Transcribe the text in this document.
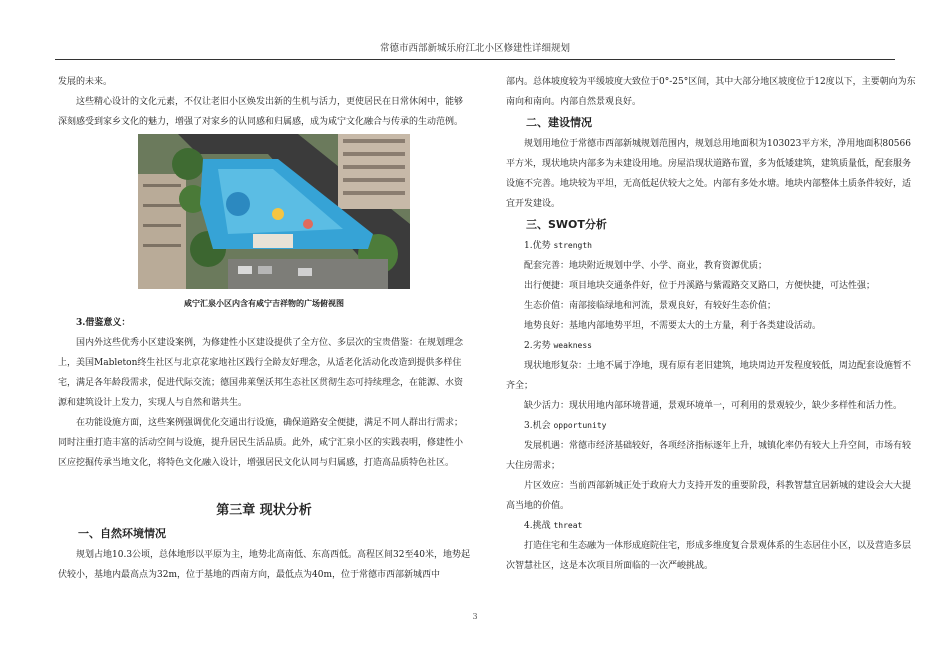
常德市西部新城乐府江北小区修建性详细规划

发展的未来。

这些精心设计的文化元素，不仅让老旧小区焕发出新的生机与活力，更使居民在日常休闲中，能够深刻感受到家乡文化的魅力，增强了对家乡的认同感和归属感，成为咸宁文化融合与传承的生动范例。

咸宁汇泉小区内含有咸宁吉祥物的广场俯视图

3.借鉴意义：

国内外这些优秀小区建设案例，为修建性小区建设提供了全方位、多层次的宝贵借鉴：在规划理念上，美国Mableton终生社区与北京花家地社区践行全龄友好理念，从适老化活动化改造到提供多样住宅，满足各年龄段需求，促进代际交流；德国弗莱堡沃邦生态社区贯彻生态可持续理念，在能源、水资源和建筑设计上发力，实现人与自然和谐共生。

在功能设施方面，这些案例强调优化交通出行设施，确保道路安全便捷，满足不同人群出行需求；同时注重打造丰富的活动空间与设施，提升居民生活品质。此外，咸宁汇泉小区的实践表明，修建性小区应挖掘传承当地文化，将特色文化融入设计，增强居民文化认同与归属感，打造高品质特色社区。

第三章 现状分析

一、自然环境情况

规划占地10.3公顷，总体地形以平原为主，地势北高南低、东高西低。高程区间32至40米，地势起伏较小，基地内最高点为32m，位于基地的西南方向，最低点为40m，位于常德市西部新城西中

部内。总体坡度较为平缓坡度大致位于0°-25°区间，其中大部分地区坡度位于12度以下，主要朝向为东南向和南向。内部自然景观良好。

二、建设情况

规划用地位于常德市西部新城规划范围内，规划总用地面积为103023平方米，净用地面积80566平方米，现状地块内部多为未建设用地。房屋沿现状道路布置，多为低矮建筑，建筑质量低，配套服务设施不完善。地块较为平坦，无高低起伏较大之处。内部有多处水塘。地块内部整体土质条件较好，适宜开发建设。

三、SWOT分析

1.优势 strength

配套完善：地块附近规划中学、小学、商业，教育资源优质；

出行便捷：项目地块交通条件好，位于丹溪路与紫霞路交叉路口，方便快捷，可达性强；

生态价值：南部接临绿地和河流，景观良好，有较好生态价值；

地势良好：基地内部地势平坦，不需要太大的土方量，利于各类建设活动。

2.劣势 weakness

现状地形复杂：土地不属于净地，现有原有老旧建筑，地块周边开发程度较低，周边配套设施暂不齐全；

缺少活力：现状用地内部环境普通，景观环境单一，可利用的景观较少，缺少多样性和活力性。

3.机会 opportunity

发展机遇：常德市经济基础较好，各项经济指标逐年上升，城镇化率仍有较大上升空间，市场有较大住房需求；

片区效应：当前西部新城正处于政府大力支持开发的重要阶段，科教智慧宜居新城的建设会大大提高当地的价值。

4.挑战 threat

打造住宅和生态融为一体形成庭院住宅，形成多维度复合景观体系的生态居住小区，以及营造多层次智慧社区，这是本次项目所面临的一次严峻挑战。

3
